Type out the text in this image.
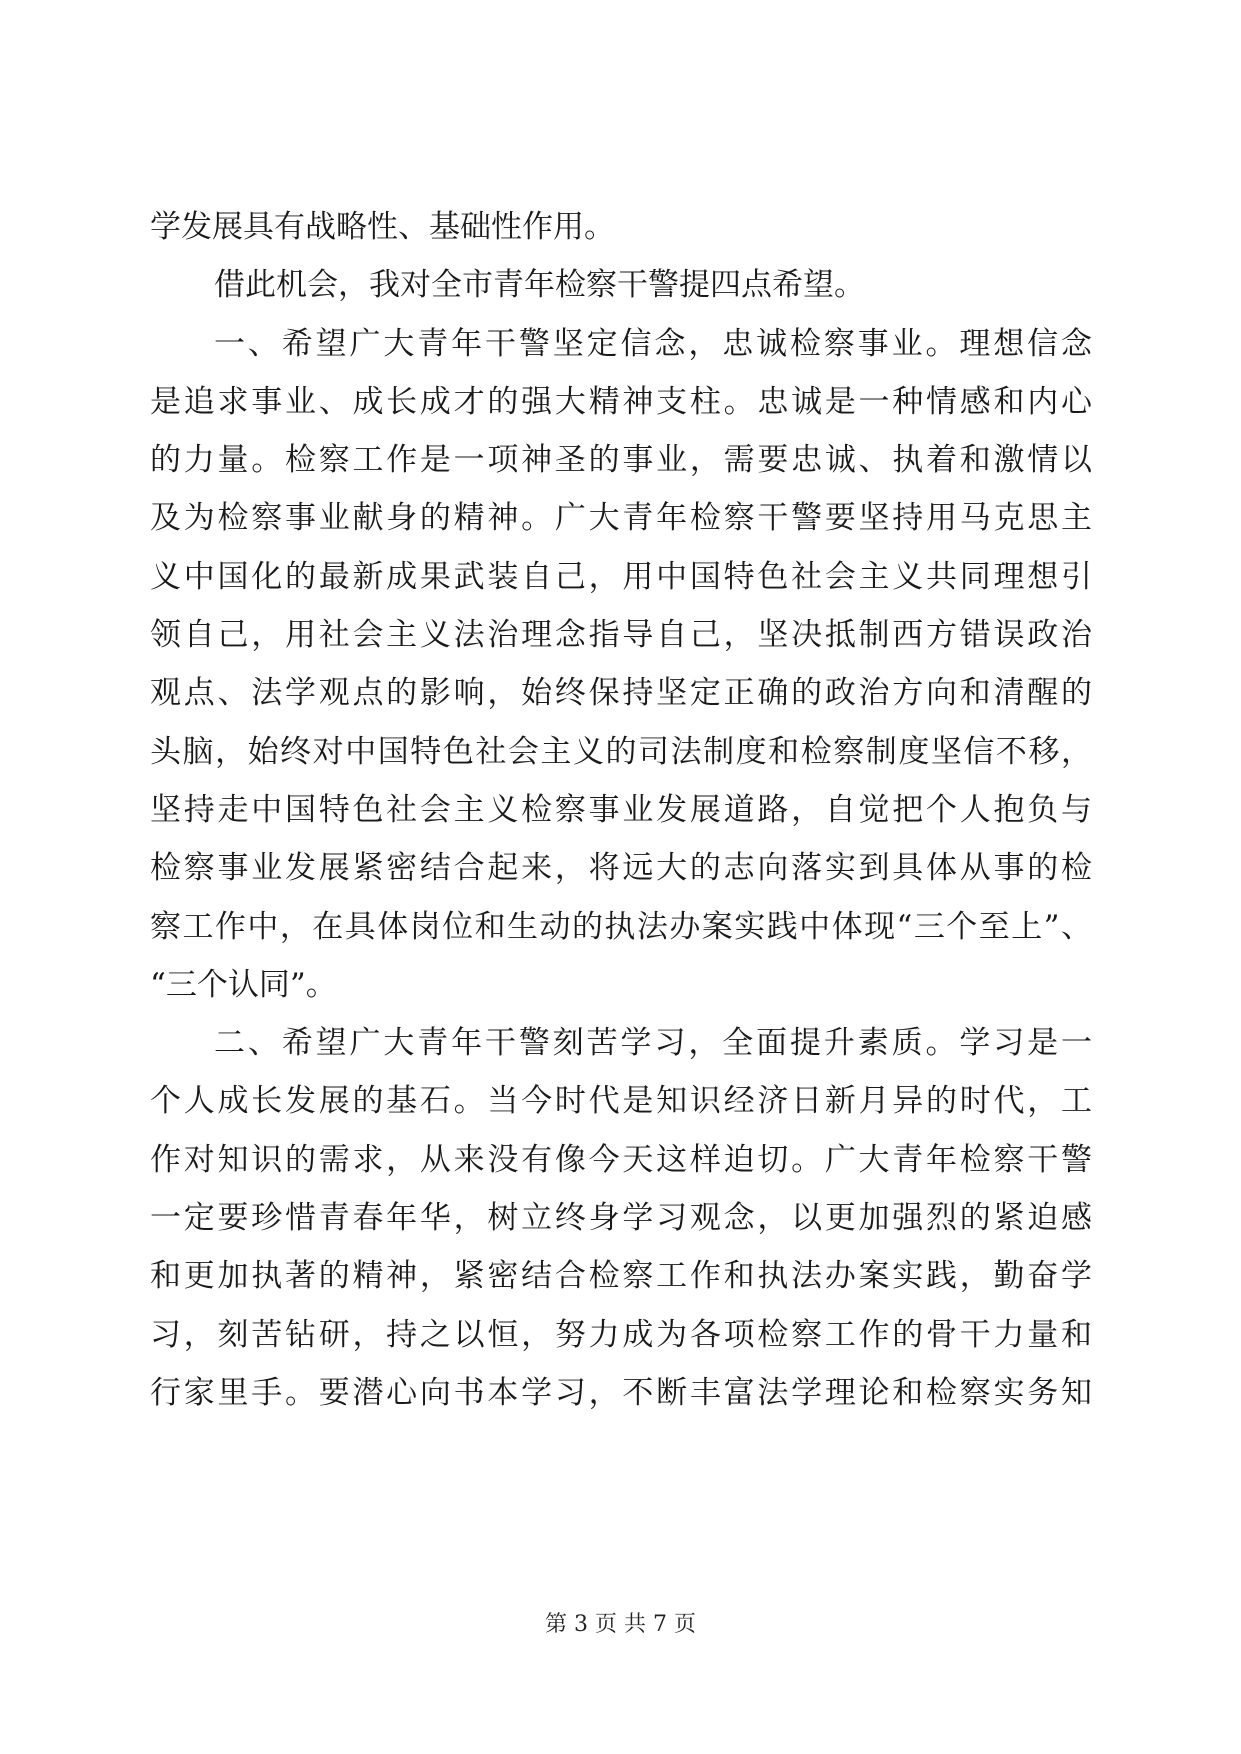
学发展具有战略性、基础性作用。
借此机会，我对全市青年检察干警提四点希望。
一、希望广大青年干警坚定信念，忠诚检察事业。理想信念
是追求事业、成长成才的强大精神支柱。忠诚是一种情感和内心
的力量。检察工作是一项神圣的事业，需要忠诚、执着和激情以
及为检察事业献身的精神。广大青年检察干警要坚持用马克思主
义中国化的最新成果武装自己，用中国特色社会主义共同理想引
领自己，用社会主义法治理念指导自己，坚决抵制西方错误政治
观点、法学观点的影响，始终保持坚定正确的政治方向和清醒的
头脑，始终对中国特色社会主义的司法制度和检察制度坚信不移，
坚持走中国特色社会主义检察事业发展道路，自觉把个人抱负与
检察事业发展紧密结合起来，将远大的志向落实到具体从事的检
察工作中，在具体岗位和生动的执法办案实践中体现“三个至上”、
“三个认同”。
二、希望广大青年干警刻苦学习，全面提升素质。学习是一
个人成长发展的基石。当今时代是知识经济日新月异的时代，工
作对知识的需求，从来没有像今天这样迫切。广大青年检察干警
一定要珍惜青春年华，树立终身学习观念，以更加强烈的紧迫感
和更加执著的精神，紧密结合检察工作和执法办案实践，勤奋学
习，刻苦钻研，持之以恒，努力成为各项检察工作的骨干力量和
行家里手。要潜心向书本学习，不断丰富法学理论和检察实务知
第 3 页 共 7 页
